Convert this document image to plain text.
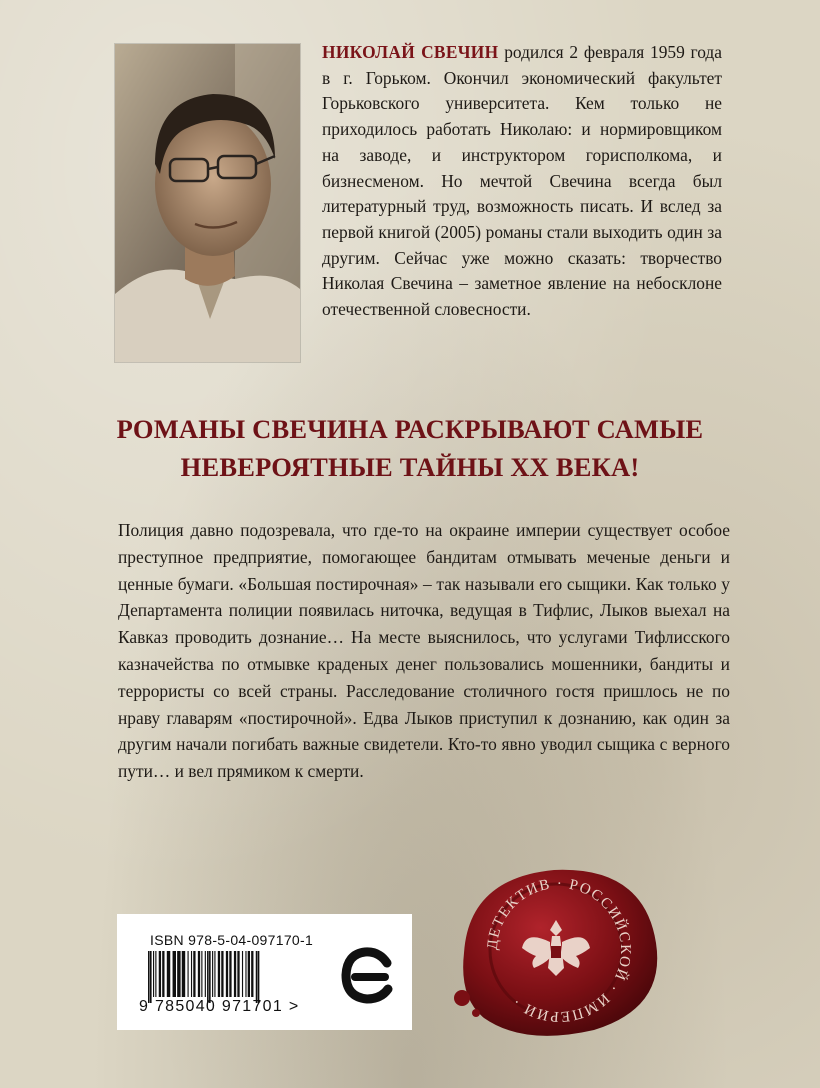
НИКОЛАЙ СВЕЧИН родился 2 февраля 1959 года в г. Горьком. Окончил экономический факультет Горьковского университета. Кем только не приходилось работать Николаю: и нормировщиком на заводе, и инструктором горисполкома, и бизнесменом. Но мечтой Свечина всегда был литературный труд, возможность писать. И вслед за первой книгой (2005) романы стали выходить один за другим. Сейчас уже можно сказать: творчество Николая Свечина – заметное явление на небосклоне отечественной словесности.

РОМАНЫ СВЕЧИНА РАСКРЫВАЮТ САМЫЕ
НЕВЕРОЯТНЫЕ ТАЙНЫ XX ВЕКА!

Полиция давно подозревала, что где-то на окраине империи существует особое преступное предприятие, помогающее бандитам отмывать меченые деньги и ценные бумаги. «Большая постирочная» – так называли его сыщики. Как только у Департамента полиции появилась ниточка, ведущая в Тифлис, Лыков выехал на Кавказ проводить дознание… На месте выяснилось, что услугами Тифлисского казначейства по отмывке краденых денег пользовались мошенники, бандиты и террористы со всей страны. Расследование столичного гостя пришлось не по нраву главарям «постирочной». Едва Лыков приступил к дознанию, как один за другим начали погибать важные свидетели. Кто-то явно уводил сыщика с верного пути… и вел прямиком к смерти.

ISBN 978-5-04-097170-1
9 785040 971701 >
ДЕТЕКТИВ · РОССИЙСКОЙ · ИМПЕРИИ ·
